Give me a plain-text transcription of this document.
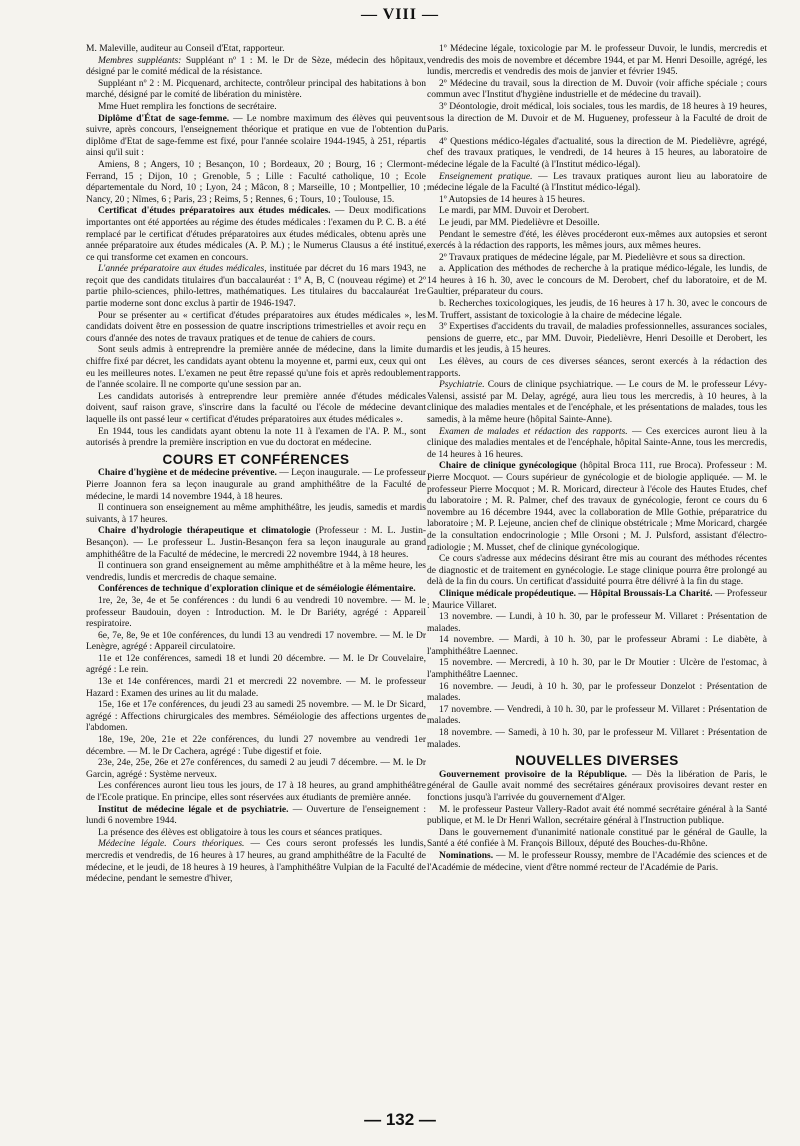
— VIII —

M. Maleville, auditeur au Conseil d'Etat, rapporteur.

Membres suppléants: Suppléant nº 1 : M. le Dr de Sèze, médecin des hôpitaux, désigné par le comité médical de la résistance.

Suppléant nº 2 : M. Picquenard, architecte, contrôleur principal des habitations à bon marché, désigné par le comité de libération du ministère.

Mme Huet remplira les fonctions de secrétaire.

Diplôme d'État de sage-femme. — Le nombre maximum des élèves qui peuvent suivre, après concours, l'enseignement théorique et pratique en vue de l'obtention du diplôme d'Etat de sage-femme est fixé, pour l'année scolaire 1944-1945, à 251, répartis ainsi qu'il suit :

Amiens, 8 ; Angers, 10 ; Besançon, 10 ; Bordeaux, 20 ; Bourg, 16 ; Clermont-Ferrand, 15 ; Dijon, 10 ; Grenoble, 5 ; Lille : Faculté catholique, 10 ; Ecole départementale du Nord, 10 ; Lyon, 24 ; Mâcon, 8 ; Marseille, 10 ; Montpellier, 10 ; Nancy, 20 ; Nîmes, 6 ; Paris, 23 ; Reims, 5 ; Rennes, 6 ; Tours, 10 ; Toulouse, 15.

Certificat d'études préparatoires aux études médicales. — Deux modifications importantes ont été apportées au régime des études médicales : l'examen du P. C. B. a été remplacé par le certificat d'études préparatoires aux études médicales, obtenu après une année préparatoire aux études médicales (A. P. M.) ; le Numerus Clausus a été institué, ce qui transforme cet examen en concours.

L'année préparatoire aux études médicales, instituée par décret du 16 mars 1943, ne reçoit que des candidats titulaires d'un baccalauréat : 1º A, B, C (nouveau régime) et 2º partie philo-sciences, philo-lettres, mathématiques. Les titulaires du baccalauréat 1re partie moderne sont donc exclus à partir de 1946-1947.

Pour se présenter au « certificat d'études préparatoires aux études médicales », les candidats doivent être en possession de quatre inscriptions trimestrielles et avoir reçu en cours d'année des notes de travaux pratiques et de tenue de cahiers de cours.

Sont seuls admis à entreprendre la première année de médecine, dans la limite du chiffre fixé par décret, les candidats ayant obtenu la moyenne et, parmi eux, ceux qui ont eu les meilleures notes. L'examen ne peut être repassé qu'une fois et après redoublement de l'année scolaire. Il ne comporte qu'une session par an.

Les candidats autorisés à entreprendre leur première année d'études médicales doivent, sauf raison grave, s'inscrire dans la faculté ou l'école de médecine devant laquelle ils ont passé leur « certificat d'études préparatoires aux études médicales ».

En 1944, tous les candidats ayant obtenu la note 11 à l'examen de l'A. P. M., sont autorisés à prendre la première inscription en vue du doctorat en médecine.

COURS ET CONFÉRENCES

Chaire d'hygiène et de médecine préventive. — Leçon inaugurale. — Le professeur Pierre Joannon fera sa leçon inaugurale au grand amphithéâtre de la Faculté de médecine, le mardi 14 novembre 1944, à 18 heures.

Il continuera son enseignement au même amphithéâtre, les jeudis, samedis et mardis suivants, à 17 heures.

Chaire d'hydrologie thérapeutique et climatologie (Professeur : M. L. Justin-Besançon). — Le professeur L. Justin-Besançon fera sa leçon inaugurale au grand amphithéâtre de la Faculté de médecine, le mercredi 22 novembre 1944, à 18 heures.

Il continuera son grand enseignement au même amphithéâtre et à la même heure, les vendredis, lundis et mercredis de chaque semaine.

Conférences de technique d'exploration clinique et de séméiologie élémentaire.

1re, 2e, 3e, 4e et 5e conférences : du lundi 6 au vendredi 10 novembre. — M. le professeur Baudouin, doyen : Introduction. M. le Dr Bariéty, agrégé : Appareil respiratoire.

6e, 7e, 8e, 9e et 10e conférences, du lundi 13 au vendredi 17 novembre. — M. le Dr Lenègre, agrégé : Appareil circulatoire.

11e et 12e conférences, samedi 18 et lundi 20 décembre. — M. le Dr Couvelaire, agrégé : Le rein.

13e et 14e conférences, mardi 21 et mercredi 22 novembre. — M. le professeur Hazard : Examen des urines au lit du malade.

15e, 16e et 17e conférences, du jeudi 23 au samedi 25 novembre. — M. le Dr Sicard, agrégé : Affections chirurgicales des membres. Séméiologie des affections urgentes de l'abdomen.

18e, 19e, 20e, 21e et 22e conférences, du lundi 27 novembre au vendredi 1er décembre. — M. le Dr Cachera, agrégé : Tube digestif et foie.

23e, 24e, 25e, 26e et 27e conférences, du samedi 2 au jeudi 7 décembre. — M. le Dr Garcin, agrégé : Système nerveux.

Les conférences auront lieu tous les jours, de 17 à 18 heures, au grand amphithéâtre de l'Ecole pratique. En principe, elles sont réservées aux étudiants de première année.

Institut de médecine légale et de psychiatrie. — Ouverture de l'enseignement : lundi 6 novembre 1944.

La présence des élèves est obligatoire à tous les cours et séances pratiques.

Médecine légale. Cours théoriques. — Ces cours seront professés les lundis, mercredis et vendredis, de 16 heures à 17 heures, au grand amphithéâtre de la Faculté de médecine, et le jeudi, de 18 heures à 19 heures, à l'amphithéâtre Vulpian de la Faculté de médecine, pendant le semestre d'hiver,

1º Médecine légale, toxicologie par M. le professeur Duvoir, le lundis, mercredis et vendredis des mois de novembre et décembre 1944, et par M. Henri Desoille, agrégé, les lundis, mercredis et vendredis des mois de janvier et février 1945.

2º Médecine du travail, sous la direction de M. Duvoir (voir affiche spéciale ; cours commun avec l'Institut d'hygiène industrielle et de médecine du travail).

3º Déontologie, droit médical, lois sociales, tous les mardis, de 18 heures à 19 heures, sous la direction de M. Duvoir et de M. Hugueney, professeur à la Faculté de droit de Paris.

4º Questions médico-légales d'actualité, sous la direction de M. Piedelièvre, agrégé, chef des travaux pratiques, le vendredi, de 14 heures à 15 heures, au laboratoire de médecine légale de la Faculté (à l'Institut médico-légal).

Enseignement pratique. — Les travaux pratiques auront lieu au laboratoire de médecine légale de la Faculté (à l'Institut médico-légal).

1º Autopsies de 14 heures à 15 heures.

Le mardi, par MM. Duvoir et Derobert.

Le jeudi, par MM. Piedelièvre et Desoille.

Pendant le semestre d'été, les élèves procéderont eux-mêmes aux autopsies et seront exercés à la rédaction des rapports, les mêmes jours, aux mêmes heures.

2º Travaux pratiques de médecine légale, par M. Piedelièvre et sous sa direction.

a. Application des méthodes de recherche à la pratique médico-légale, les lundis, de 14 heures à 16 h. 30, avec le concours de M. Derobert, chef du laboratoire, et de M. Gaultier, préparateur du cours.

b. Recherches toxicologiques, les jeudis, de 16 heures à 17 h. 30, avec le concours de M. Truffert, assistant de toxicologie à la chaire de médecine légale.

3º Expertises d'accidents du travail, de maladies professionnelles, assurances sociales, pensions de guerre, etc., par MM. Duvoir, Piedelièvre, Henri Desoille et Derobert, les mardis et les jeudis, à 15 heures.

Les élèves, au cours de ces diverses séances, seront exercés à la rédaction des rapports.

Psychiatrie. Cours de clinique psychiatrique. — Le cours de M. le professeur Lévy-Valensi, assisté par M. Delay, agrégé, aura lieu tous les mercredis, à 10 heures, à la clinique des maladies mentales et de l'encéphale, et les présentations de malades, tous les samedis, à la même heure (hôpital Sainte-Anne).

Examen de malades et rédaction des rapports. — Ces exercices auront lieu à la clinique des maladies mentales et de l'encéphale, hôpital Sainte-Anne, tous les mercredis, de 14 heures à 16 heures.

Chaire de clinique gynécologique (hôpital Broca 111, rue Broca). Professeur : M. Pierre Mocquot. — Cours supérieur de gynécologie et de biologie appliquée. — M. le professeur Pierre Mocquot ; M. R. Moricard, directeur à l'école des Hautes Etudes, chef du laboratoire ; M. R. Palmer, chef des travaux de gynécologie, feront ce cours du 6 novembre au 16 décembre 1944, avec la collaboration de Mlle Gothie, préparatrice du laboratoire ; M. P. Lejeune, ancien chef de clinique obstétricale ; Mme Moricard, chargée de la consultation endocrinologie ; Mlle Orsoni ; M. J. Pulsford, assistant d'électro-radiologie ; M. Musset, chef de clinique gynécologique.

Ce cours s'adresse aux médecins désirant être mis au courant des méthodes récentes de diagnostic et de traitement en gynécologie. Le stage clinique pourra être prolongé au delà de la fin du cours. Un certificat d'assiduité pourra être délivré à la fin du stage.

Clinique médicale propédeutique. — Hôpital Broussais-La Charité. — Professeur : Maurice Villaret.

13 novembre. — Lundi, à 10 h. 30, par le professeur M. Villaret : Présentation de malades.

14 novembre. — Mardi, à 10 h. 30, par le professeur Abrami : Le diabète, à l'amphithéâtre Laennec.

15 novembre. — Mercredi, à 10 h. 30, par le Dr Moutier : Ulcère de l'estomac, à l'amphithéâtre Laennec.

16 novembre. — Jeudi, à 10 h. 30, par le professeur Donzelot : Présentation de malades.

17 novembre. — Vendredi, à 10 h. 30, par le professeur M. Villaret : Présentation de malades.

18 novembre. — Samedi, à 10 h. 30, par le professeur M. Villaret : Présentation de malades.

NOUVELLES DIVERSES

Gouvernement provisoire de la République. — Dès la libération de Paris, le général de Gaulle avait nommé des secrétaires généraux provisoires devant rester en fonctions jusqu'à l'arrivée du gouvernement d'Alger.

M. le professeur Pasteur Vallery-Radot avait été nommé secrétaire général à la Santé publique, et M. le Dr Henri Wallon, secrétaire général à l'Instruction publique.

Dans le gouvernement d'unanimité nationale constitué par le général de Gaulle, la Santé a été confiée à M. François Billoux, député des Bouches-du-Rhône.

Nominations. — M. le professeur Roussy, membre de l'Académie des sciences et de l'Académie de médecine, vient d'être nommé recteur de l'Académie de Paris.

— 132 —
